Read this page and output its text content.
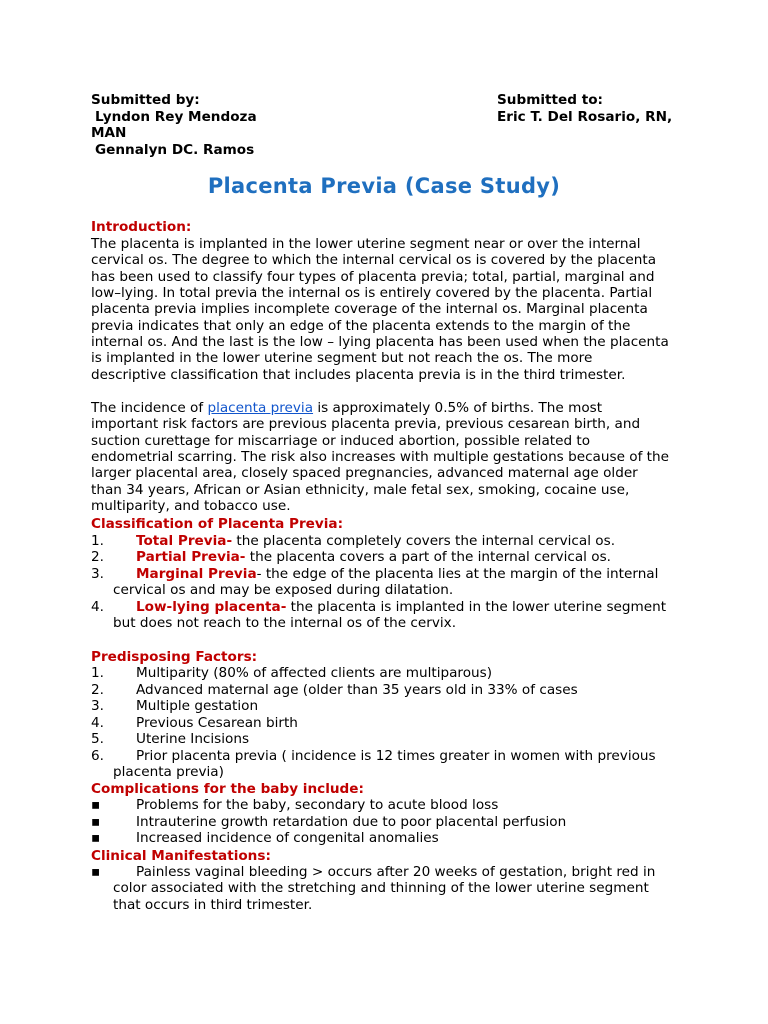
Submitted by:
Lyndon Rey Mendoza
MAN
Gennalyn DC. Ramos
Submitted to:
Eric T. Del Rosario, RN,
Placenta Previa (Case Study)
Introduction:
The placenta is implanted in the lower uterine segment near or over the internal
cervical os. The degree to which the internal cervical os is covered by the placenta
has been used to classify four types of placenta previa; total, partial, marginal and
low–lying. In total previa the internal os is entirely covered by the placenta. Partial
placenta previa implies incomplete coverage of the internal os. Marginal placenta
previa indicates that only an edge of the placenta extends to the margin of the
internal os. And the last is the low – lying placenta has been used when the placenta
is implanted in the lower uterine segment but not reach the os. The more
descriptive classification that includes placenta previa is in the third trimester.
The incidence of placenta previa is approximately 0.5% of births. The most
important risk factors are previous placenta previa, previous cesarean birth, and
suction curettage for miscarriage or induced abortion, possible related to
endometrial scarring. The risk also increases with multiple gestations because of the
larger placental area, closely spaced pregnancies, advanced maternal age older
than 34 years, African or Asian ethnicity, male fetal sex, smoking, cocaine use,
multiparity, and tobacco use.
Classification of Placenta Previa:
1.	Total Previa- the placenta completely covers the internal cervical os.
2.	Partial Previa- the placenta covers a part of the internal cervical os.
3.	Marginal Previa- the edge of the placenta lies at the margin of the internal
cervical os and may be exposed during dilatation.
4.	Low-lying placenta- the placenta is implanted in the lower uterine segment
but does not reach to the internal os of the cervix.
Predisposing Factors:
1.	Multiparity (80% of affected clients are multiparous)
2.	Advanced maternal age (older than 35 years old in 33% of cases
3.	Multiple gestation
4.	Previous Cesarean birth
5.	Uterine Incisions
6.	Prior placenta previa ( incidence is 12 times greater in women with previous
placenta previa)
Complications for the baby include:
▪	Problems for the baby, secondary to acute blood loss
▪	Intrauterine growth retardation due to poor placental perfusion
▪	Increased incidence of congenital anomalies
Clinical Manifestations:
▪	Painless vaginal bleeding > occurs after 20 weeks of gestation, bright red in
color associated with the stretching and thinning of the lower uterine segment
that occurs in third trimester.
